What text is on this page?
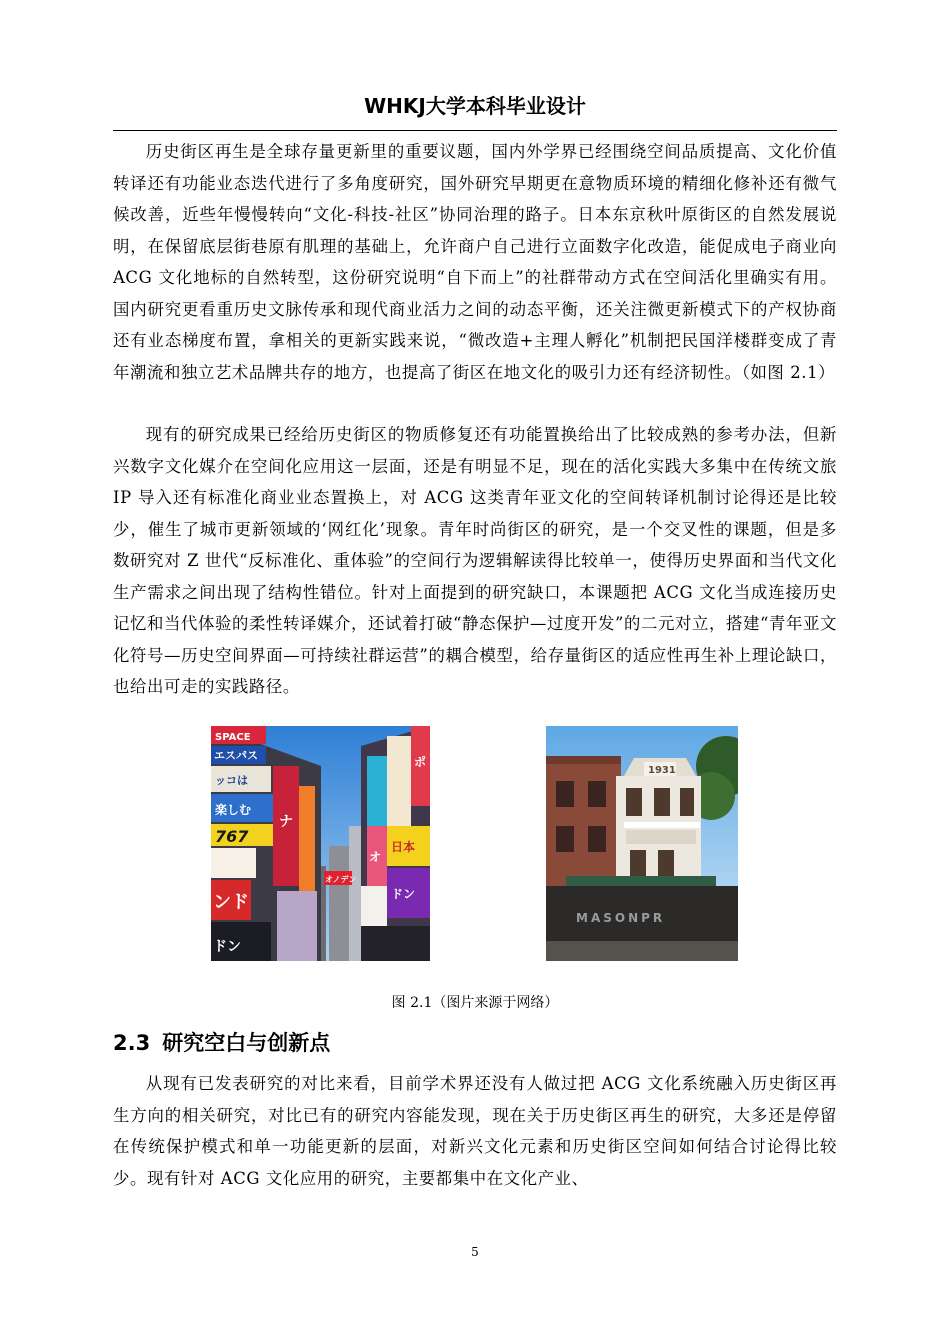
WHKJ大学本科毕业设计

历史街区再生是全球存量更新里的重要议题，国内外学界已经围绕空间品质提高、文化价值转译还有功能业态迭代进行了多角度研究，国外研究早期更在意物质环境的精细化修补还有微气候改善，近些年慢慢转向“文化-科技-社区”协同治理的路子。日本东京秋叶原街区的自然发展说明，在保留底层街巷原有肌理的基础上，允许商户自己进行立面数字化改造，能促成电子商业向 ACG 文化地标的自然转型，这份研究说明“自下而上”的社群带动方式在空间活化里确实有用。国内研究更看重历史文脉传承和现代商业活力之间的动态平衡，还关注微更新模式下的产权协商还有业态梯度布置，拿相关的更新实践来说，“微改造+主理人孵化”机制把民国洋楼群变成了青年潮流和独立艺术品牌共存的地方，也提高了街区在地文化的吸引力还有经济韧性。（如图 2.1）

现有的研究成果已经给历史街区的物质修复还有功能置换给出了比较成熟的参考办法，但新兴数字文化媒介在空间化应用这一层面，还是有明显不足，现在的活化实践大多集中在传统文旅 IP 导入还有标准化商业业态置换上，对 ACG 这类青年亚文化的空间转译机制讨论得还是比较少，催生了城市更新领域的‘网红化’现象。青年时尚街区的研究，是一个交叉性的课题，但是多数研究对 Z 世代“反标准化、重体验”的空间行为逻辑解读得比较单一，使得历史界面和当代文化生产需求之间出现了结构性错位。针对上面提到的研究缺口，本课题把 ACG 文化当成连接历史记忆和当代体验的柔性转译媒介，还试着打破“静态保护—过度开发”的二元对立，搭建“青年亚文化符号—历史空间界面—可持续社群运营”的耦合模型，给存量街区的适应性再生补上理论缺口，也给出可走的实践路径。

SPACE
エスパス
ッコは
楽しむ
767
ンド
ドン
ナ
日本
ポ
ドン
オ
オノデン
1931
MASONPR
图 2.1（图片来源于网络）
2.3 研究空白与创新点

从现有已发表研究的对比来看，目前学术界还没有人做过把 ACG 文化系统融入历史街区再生方向的相关研究，对比已有的研究内容能发现，现在关于历史街区再生的研究，大多还是停留在传统保护模式和单一功能更新的层面，对新兴文化元素和历史街区空间如何结合讨论得比较少。现有针对 ACG 文化应用的研究，主要都集中在文化产业、

5
